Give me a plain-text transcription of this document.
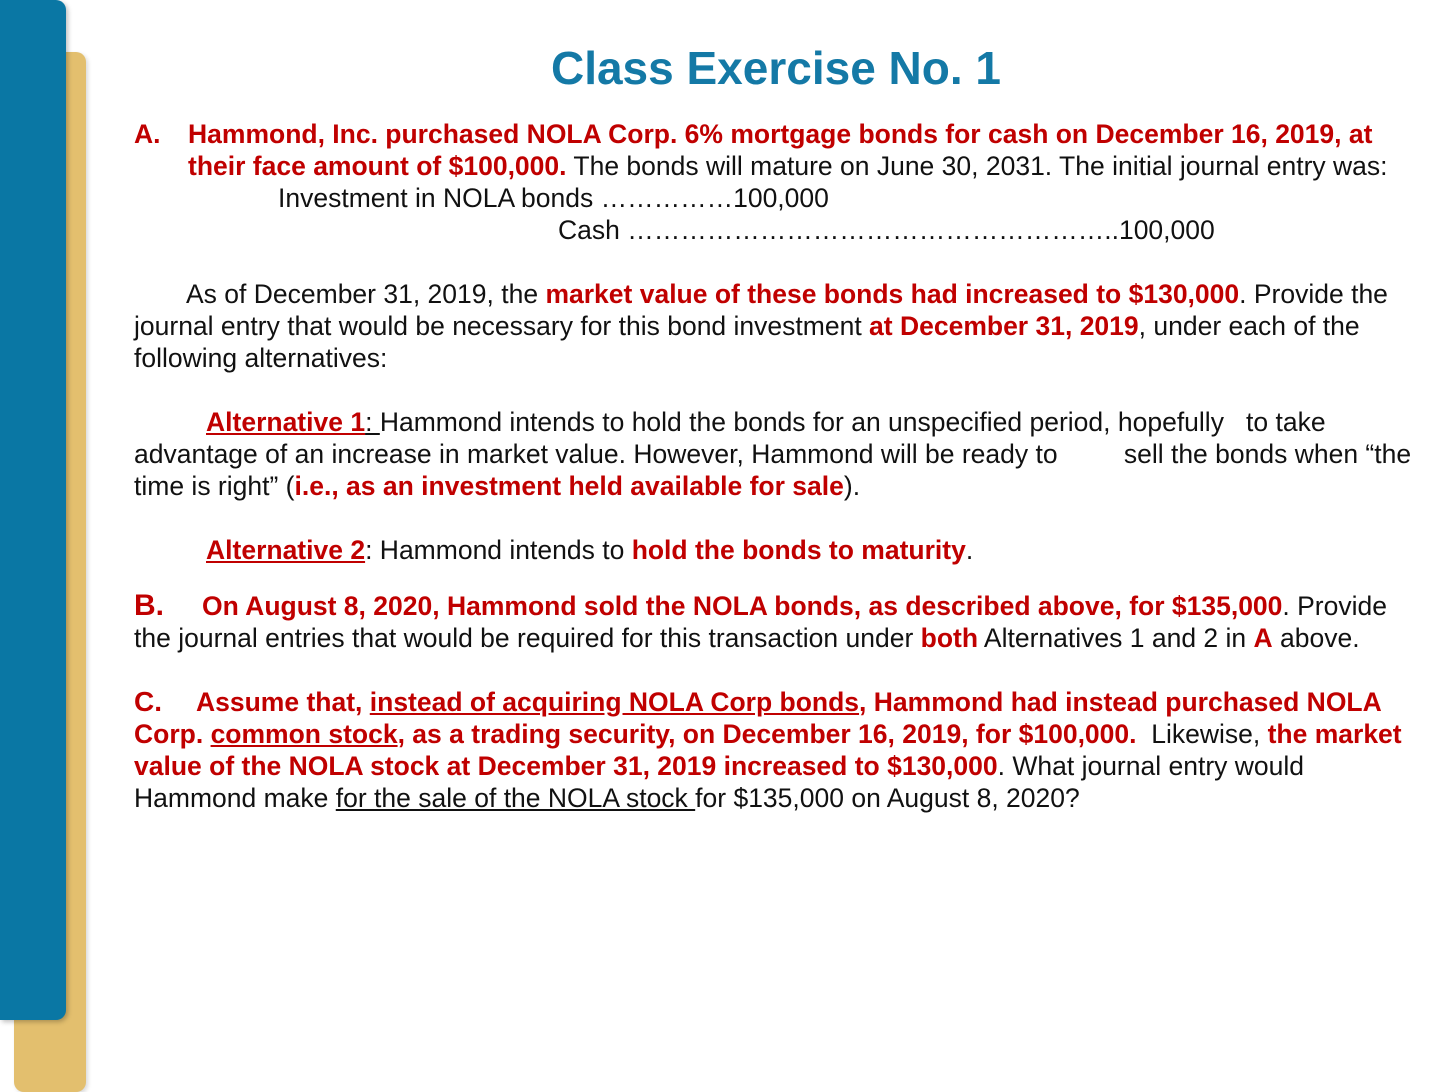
Class Exercise No. 1
A.	Hammond, Inc. purchased NOLA Corp. 6% mortgage bonds for cash on December 16, 2019, at their face amount of $100,000. The bonds will mature on June 30, 2031. The initial journal entry was:

Investment in NOLA bonds ……………100,000

Cash ………………………………………………..100,000

As of December 31, 2019, the market value of these bonds had increased to $130,000. Provide the journal entry that would be necessary for this bond investment at December 31, 2019, under each of the following alternatives:

Alternative 1: Hammond intends to hold the bonds for an unspecified period, hopefully   to take advantage of an increase in market value. However, Hammond will be ready to         sell the bonds when “the time is right” (i.e., as an investment held available for sale).

Alternative 2: Hammond intends to hold the bonds to maturity.

B. On August 8, 2020, Hammond sold the NOLA bonds, as described above, for $135,000. Provide the journal entries that would be required for this transaction under both Alternatives 1 and 2 in A above.

C. Assume that, instead of acquiring NOLA Corp bonds, Hammond had instead purchased NOLA Corp. common stock, as a trading security, on December 16, 2019, for $100,000.  Likewise, the market value of the NOLA stock at December 31, 2019 increased to $130,000. What journal entry would Hammond make for the sale of the NOLA stock for $135,000 on August 8, 2020?
